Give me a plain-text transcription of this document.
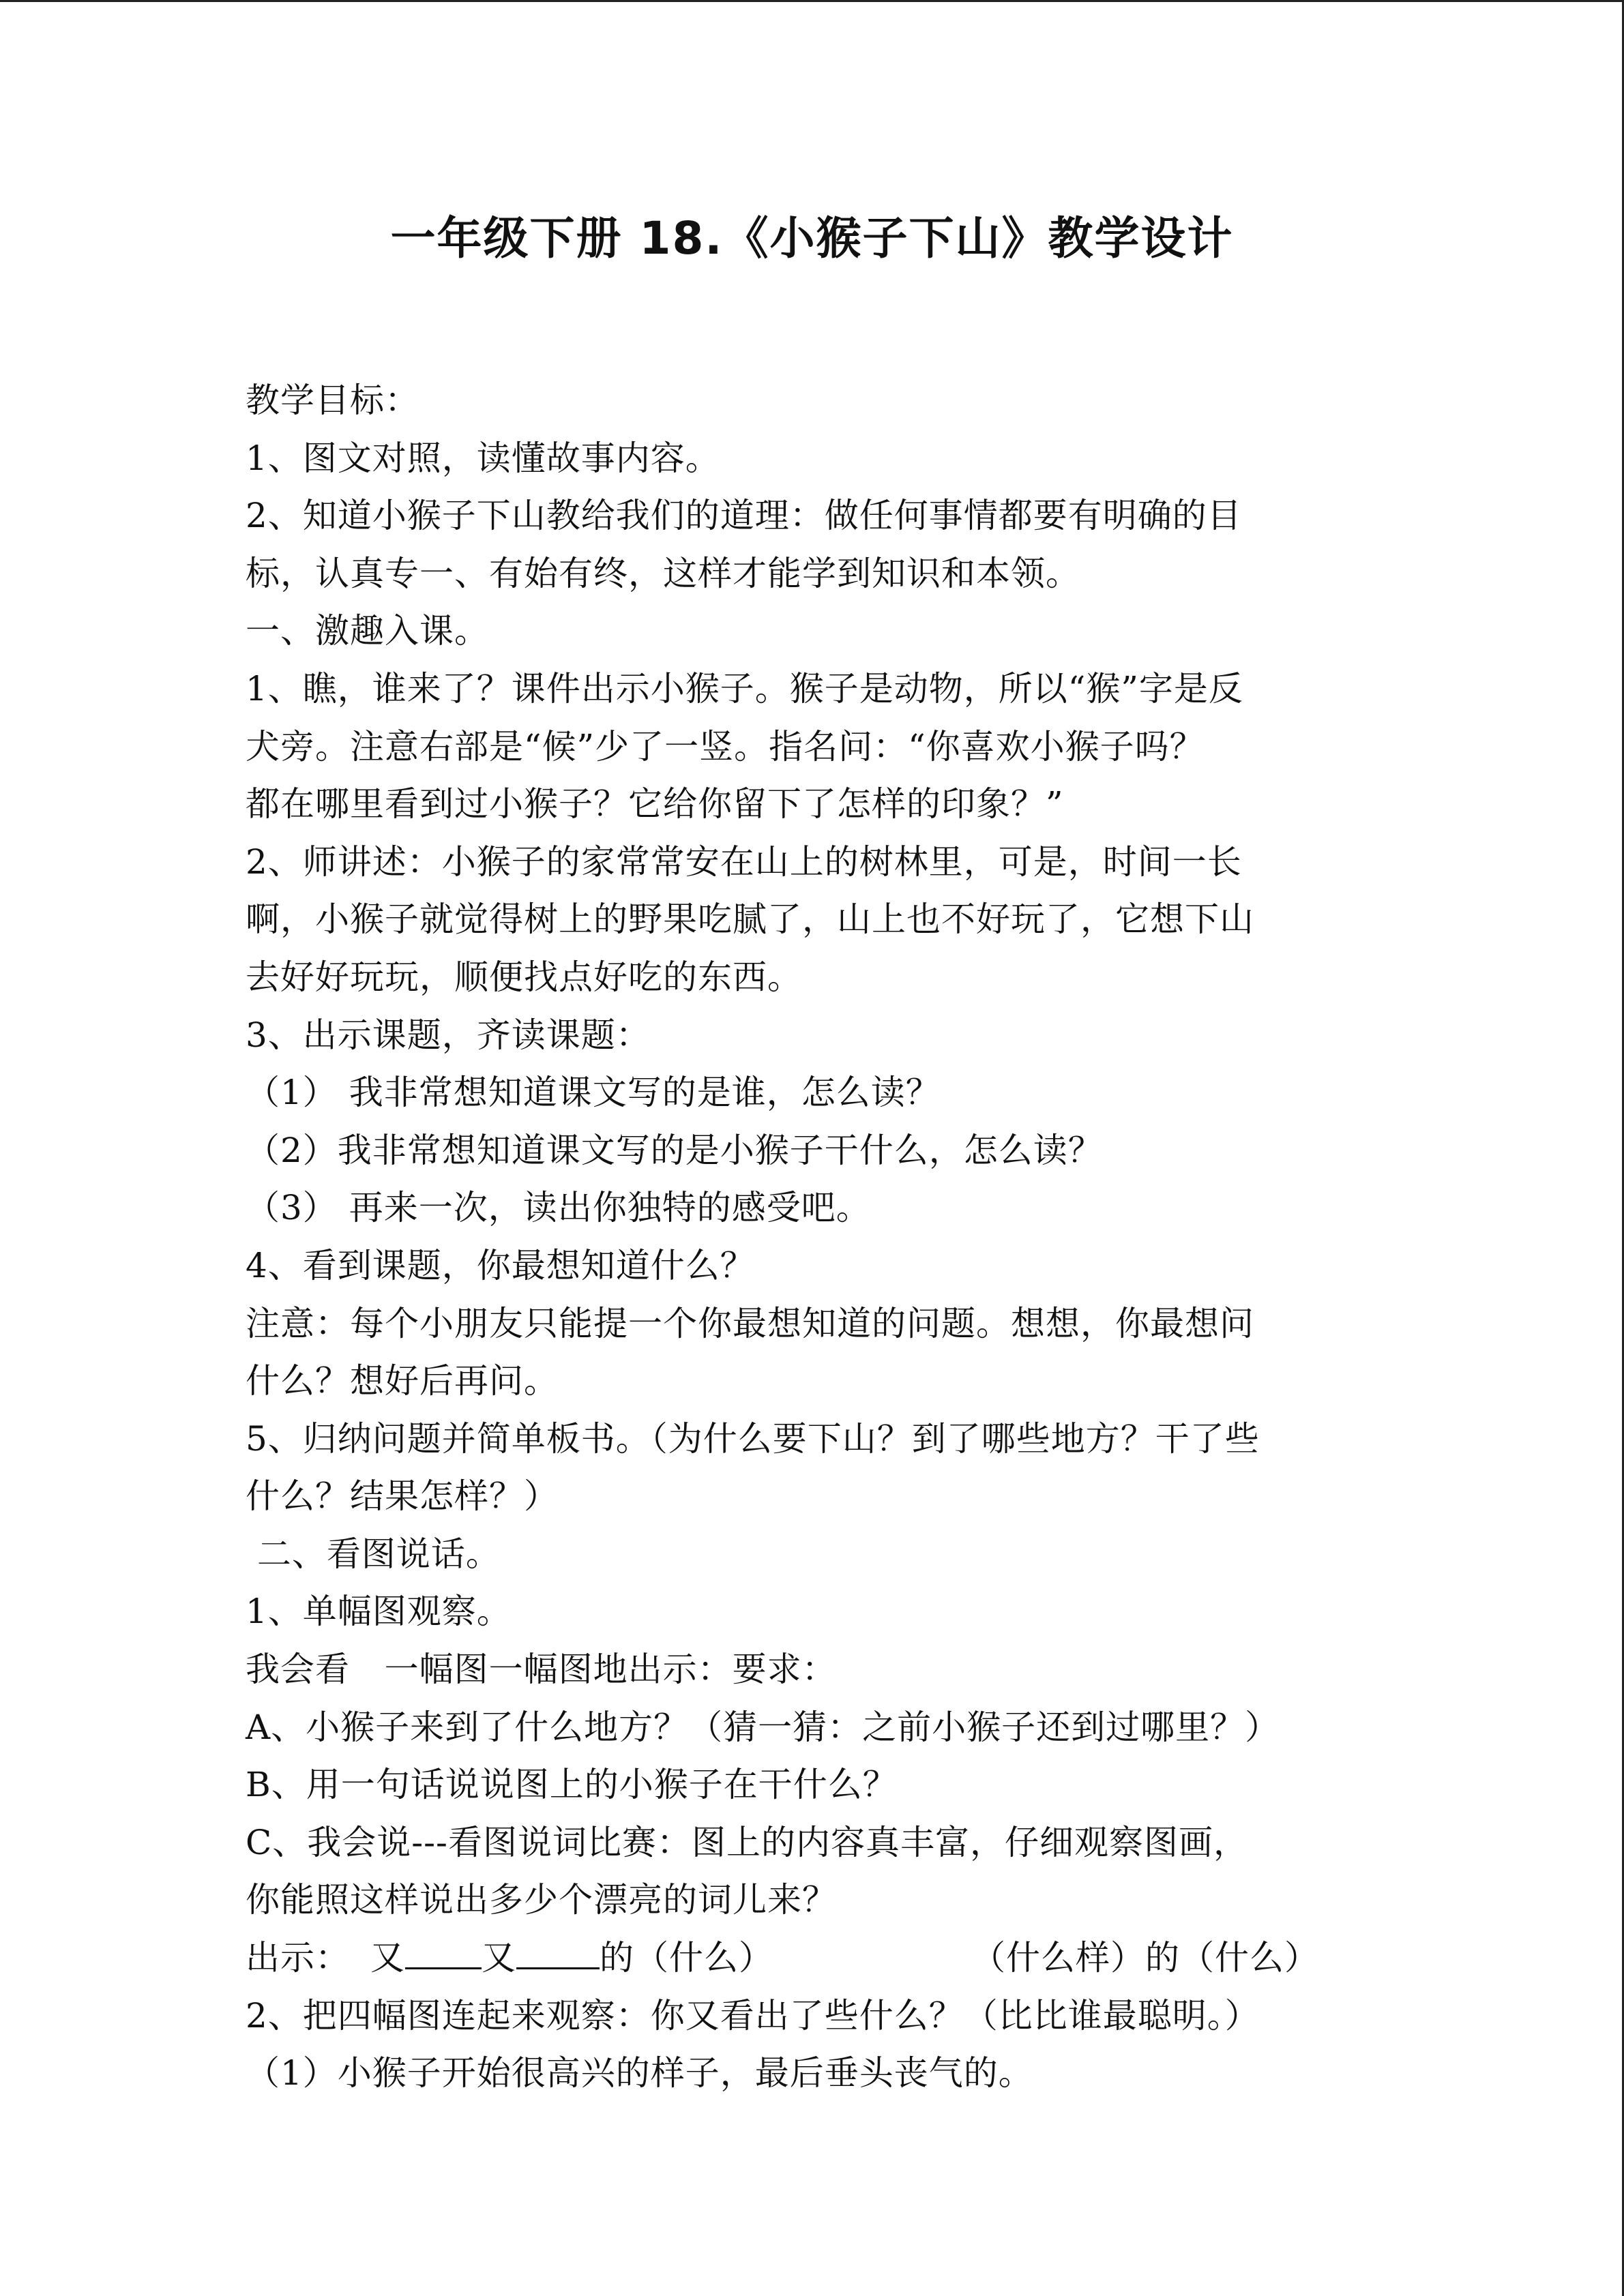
一年级下册 18.《小猴子下山》教学设计
教学目标：
1、图文对照，读懂故事内容。
2、知道小猴子下山教给我们的道理：做任何事情都要有明确的目
标，认真专一、有始有终，这样才能学到知识和本领。
一、激趣入课。
1、瞧，谁来了？课件出示小猴子。猴子是动物，所以“猴”字是反
犬旁。注意右部是“候”少了一竖。指名问：“你喜欢小猴子吗？
都在哪里看到过小猴子？它给你留下了怎样的印象？”
2、师讲述：小猴子的家常常安在山上的树林里，可是，时间一长
啊，小猴子就觉得树上的野果吃腻了，山上也不好玩了，它想下山
去好好玩玩，顺便找点好吃的东西。
3、出示课题，齐读课题：
（1） 我非常想知道课文写的是谁，怎么读？
（2）我非常想知道课文写的是小猴子干什么，怎么读？
（3） 再来一次，读出你独特的感受吧。
4、看到课题，你最想知道什么？
注意：每个小朋友只能提一个你最想知道的问题。想想，你最想问
什么？想好后再问。
5、归纳问题并简单板书。（为什么要下山？到了哪些地方？干了些
什么？结果怎样？）
二、看图说话。
1、单幅图观察。
我会看   一幅图一幅图地出示：要求：
A、小猴子来到了什么地方？（猜一猜：之前小猴子还到过哪里？）
B、用一句话说说图上的小猴子在干什么？
C、我会说---看图说词比赛：图上的内容真丰富，仔细观察图画，
你能照这样说出多少个漂亮的词儿来？
出示： 又 又 的（什么）	（什么样）的（什么）
2、把四幅图连起来观察：你又看出了些什么？（比比谁最聪明。）
（1）小猴子开始很高兴的样子，最后垂头丧气的。
